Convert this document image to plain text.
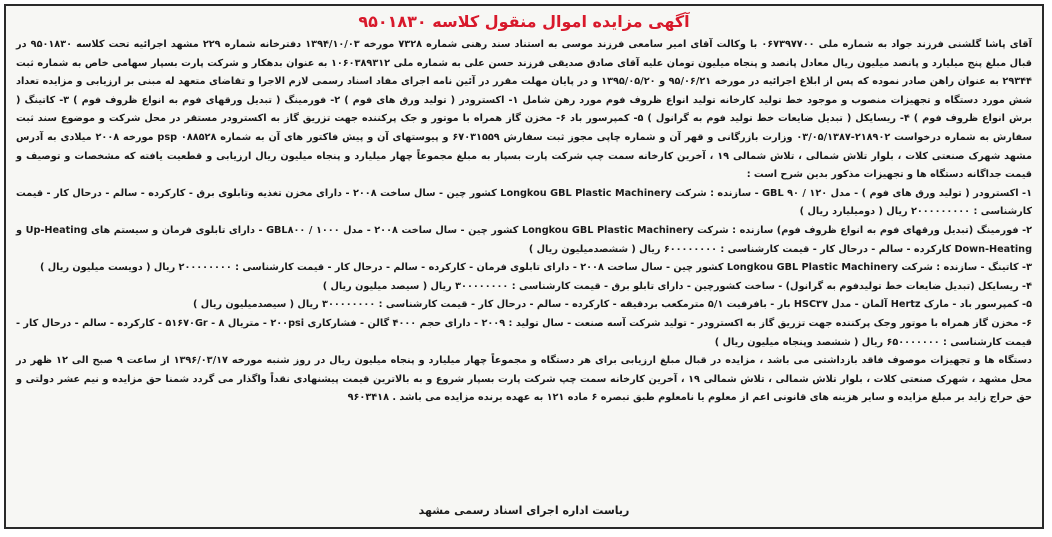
آگهی مزایده اموال منقول کلاسه ۹۵۰۱۸۳۰

آقای پاشا گلشنی فرزند جواد به شماره ملی ۰۶۷۳۹۷۷۰۰ با وکالت آقای امیر سامعی فرزند موسی به استناد سند رهنی شماره ۷۳۲۸ مورخه ۱۳۹۴/۱۰/۰۳ دفترخانه شماره ۲۲۹ مشهد اجرائیه تحت کلاسه ۹۵۰۱۸۳۰ در قبال مبلغ پنج میلیارد و پانصد میلیون ریال معادل پانصد و پنجاه میلیون تومان علیه آقای صادق صدیقی فرزند حسن علی به شماره ملی ۱۰۶۰۳۸۹۳۱۲ به عنوان بدهکار و شرکت پارت بسپار سهامی خاص به شماره ثبت ۲۹۳۴۴ به عنوان راهن صادر نموده که پس از ابلاغ اجرائیه در مورخه ۹۵/۰۶/۲۱ و ۱۳۹۵/۰۵/۲۰ و در پایان مهلت مقرر در آئین نامه اجرای مفاد اسناد رسمی لازم الاجرا و تقاضای متعهد له مبنی بر ارزیابی و مزایده تعداد شش مورد دستگاه و تجهیزات منصوب و موجود خط تولید کارخانه تولید انواع ظروف فوم مورد رهن شامل ۱- اکسترودر ( تولید ورق های فوم ) ۲- فورمینگ ( تبدیل ورقهای فوم به انواع ظروف فوم ) ۳- کاتینگ ( برش انواع ظروف فوم ) ۴- ریسایکل ( تبدیل ضایعات خط تولید فوم به گرانول ) ۵- کمپرسور باد ۶- مخزن گاز همراه با موتور و جک پرکننده جهت تزریق گاز به اکسترودر مستقر در محل شرکت و موضوع سند ثبت سفارش به شماره درخواست ۲۱۸۹۰۲-۰۳/۰۵/۱۳۸۷ وزارت بازرگانی و قهر آن و شماره چاپی مجوز ثبت سفارش ۶۷۰۳۱۵۵۹ و پیوستهای آن و پیش فاکتور های آن به شماره ۰۸۸۵۲۸ psp مورخه ۲۰۰۸ میلادی به آدرس مشهد شهرک صنعتی کلات ، بلوار تلاش شمالی ، تلاش شمالی ۱۹ ، آخرین کارخانه سمت چپ شرکت پارت بسپار به مبلغ مجموعاً چهار میلیارد و پنجاه میلیون ریال ارزیابی و قطعیت یافته که مشخصات و توصیف و قیمت جداگانه دستگاه ها و تجهیزات مذکور بدین شرح است :

۱- اکسترودر ( تولید ورق های فوم ) - مدل ۱۲۰ / GBL ۹۰ - سازنده : شرکت Longkou GBL Plastic Machinery کشور چین - سال ساخت ۲۰۰۸ - دارای مخزن تغذیه وتابلوی برق - کارکرده - سالم - درحال کار - قیمت کارشناسی : ۲۰۰۰۰۰۰۰۰۰ ریال ( دومیلیارد ریال )

۲- فورمینگ (تبدیل ورقهای فوم به انواع ظروف فوم) سازنده : شرکت Longkou GBL Plastic Machinery کشور چین - سال ساخت ۲۰۰۸ - مدل ۱۰۰۰ / GBL۸۰۰ - دارای تابلوی فرمان و سیستم های Up-Heating و Down-Heating کارکرده - سالم - درحال کار - قیمت کارشناسی : ۶۰۰۰۰۰۰۰۰ ریال ( ششصدمیلیون ریال )

۳- کاتینگ - سازنده : شرکت Longkou GBL Plastic Machinery کشور چین - سال ساخت ۲۰۰۸ - دارای تابلوی فرمان - کارکرده - سالم - درحال کار - قیمت کارشناسی : ۲۰۰۰۰۰۰۰۰ ریال ( دویست میلیون ریال )

۴- ریسایکل (تبدیل ضایعات خط تولیدفوم به گرانول) - ساخت کشورچین - دارای تابلو برق - قیمت کارشناسی : ۳۰۰۰۰۰۰۰۰ ریال ( سیصد میلیون ریال )

۵- کمپرسور باد - مارک Hertz آلمان - مدل HSC۳۷ بار - بافرفیت ۵/۱ مترمکعب بردقیقه - کارکرده - سالم - درحال کار - قیمت کارشناسی : ۳۰۰۰۰۰۰۰۰ ریال ( سیصدمیلیون ریال )

۶- مخزن گاز همراه با موتور وجک پرکننده جهت تزریق گاز به اکسترودر - تولید شرکت آسه صنعت - سال تولید : ۲۰۰۹ - دارای حجم ۴۰۰۰ گالن - فشارکاری ۲۰۰psi - متریال ۵۱۶۷۰Gr - ۸ - کارکرده - سالم - درحال کار - قیمت کارشناسی : ۶۵۰۰۰۰۰۰۰ ریال ( ششصد وپنجاه میلیون ریال )

دستگاه ها و تجهیزات موصوف فاقد بازداشتی می باشد ، مزایده در قبال مبلغ ارزیابی برای هر دستگاه و مجموعاً چهار میلیارد و پنجاه میلیون ریال در روز شنبه مورخه ۱۳۹۶/۰۳/۱۷ از ساعت ۹ صبح الی ۱۲ ظهر در محل مشهد ، شهرک صنعتی کلات ، بلوار تلاش شمالی ، تلاش شمالی ۱۹ ، آخرین کارخانه سمت چپ شرکت پارت بسپار شروع و به بالاترین قیمت پیشنهادی نقداً واگذار می گردد شمنا حق مزایده و نیم عشر دولتی و حق حراج زاید بر مبلغ مزایده و سایر هزینه های قانونی اعم از معلوم یا نامعلوم طبق تبصره ۶ ماده ۱۲۱ به عهده برنده مزایده می باشد . ۹۶۰۳۴۱۸

ریاست اداره اجرای اسناد رسمی مشهد
